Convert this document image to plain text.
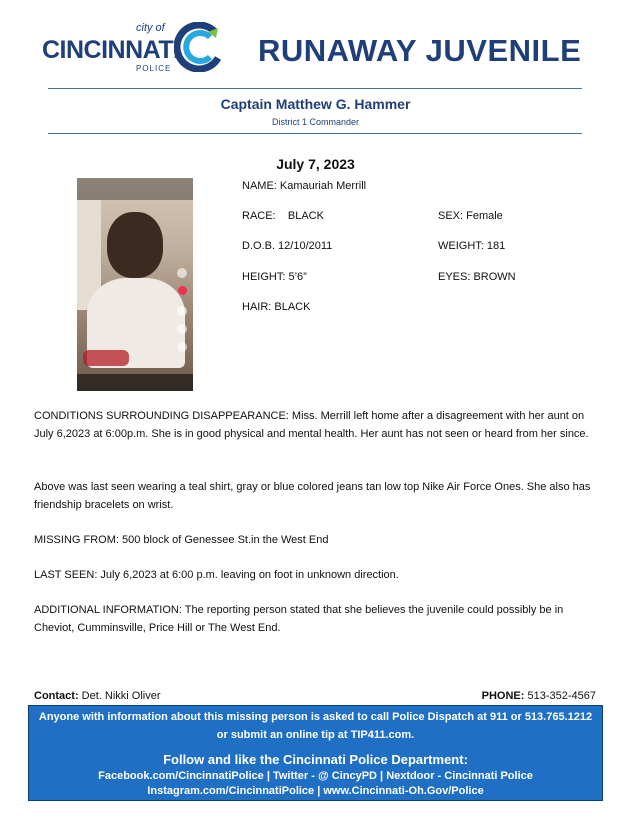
city of
CINCINNATI
POLICE
RUNAWAY JUVENILE
Captain Matthew G. Hammer
District 1 Commander
July 7, 2023
NAME: Kamauriah Merrill
RACE: BLACK	SEX: Female
D.O.B. 12/10/2011	WEIGHT: 181
HEIGHT: 5’6”	EYES: BROWN
HAIR: BLACK
CONDITIONS SURROUNDING DISAPPEARANCE: Miss. Merrill left home after a disagreement with her aunt on July 6,2023 at 6:00p.m. She is in good physical and mental health. Her aunt has not seen or heard from her since.
Above was last seen wearing a teal shirt, gray or blue colored jeans tan low top Nike Air Force Ones. She also has friendship bracelets on wrist.
MISSING FROM: 500 block of Genessee St.in the West End
LAST SEEN: July 6,2023 at 6:00 p.m. leaving on foot in unknown direction.
ADDITIONAL INFORMATION: The reporting person stated that she believes the juvenile could possibly be in Cheviot, Cumminsville, Price Hill or The West End.
Contact: Det. Nikki Oliver	PHONE: 513-352-4567
Anyone with information about this missing person is asked to call Police Dispatch at 911 or 513.765.1212
or submit an online tip at TIP411.com.
Follow and like the Cincinnati Police Department:
Facebook.com/CincinnatiPolice | Twitter - @ CincyPD | Nextdoor - Cincinnati Police
Instagram.com/CincinnatiPolice | www.Cincinnati-Oh.Gov/Police
